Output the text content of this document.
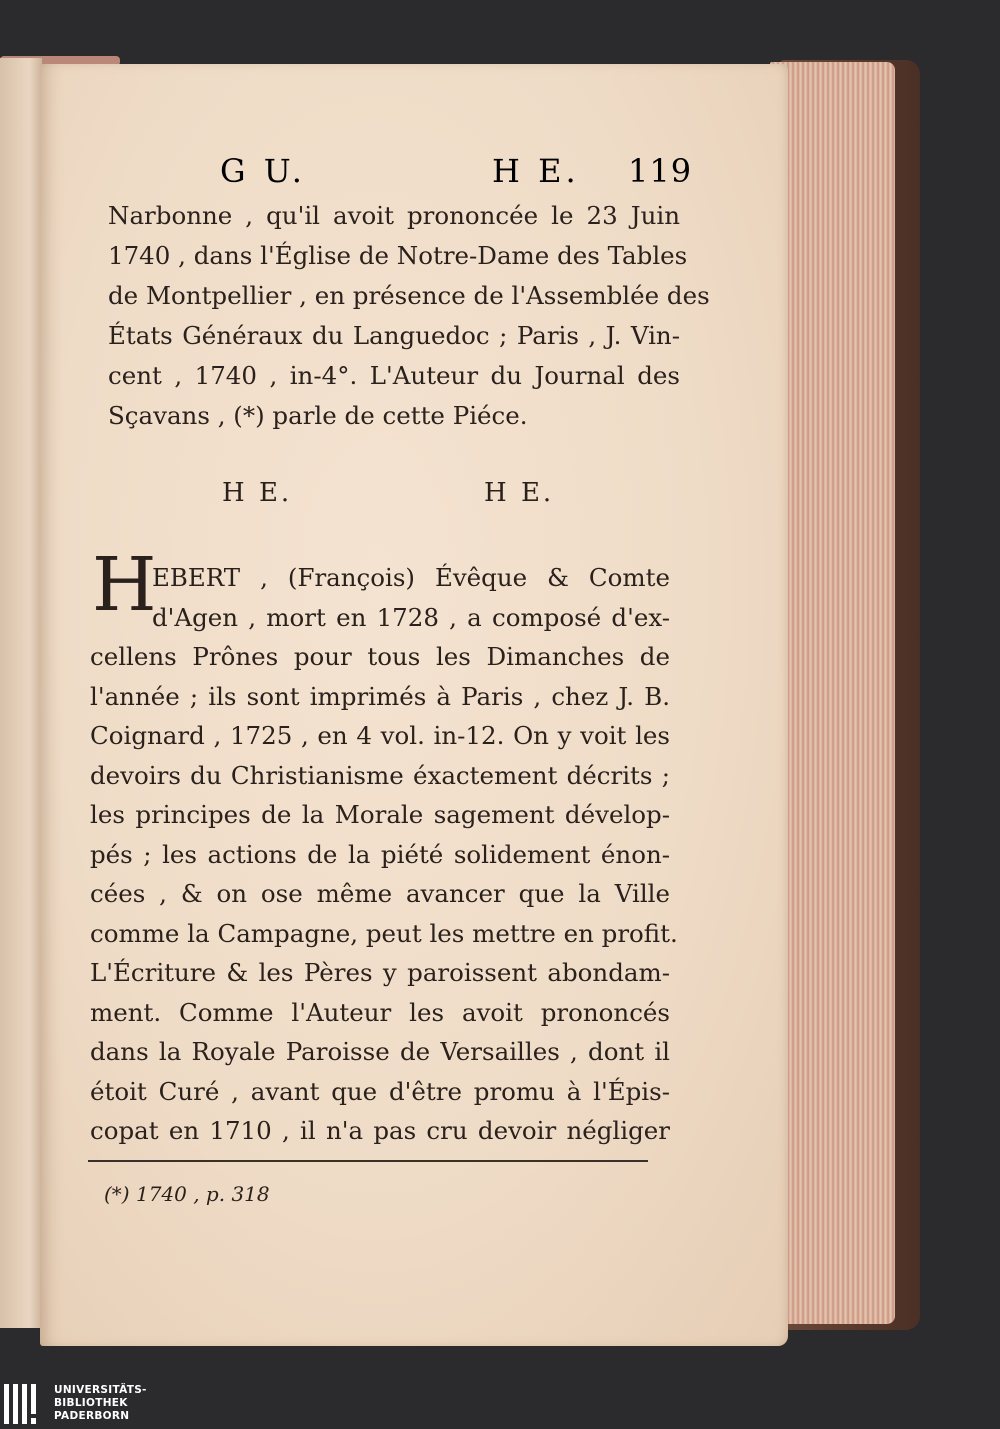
G U.	H E. 119
Narbonne , qu'il avoit prononcée le 23 Juin
1740 , dans l'Église de Notre-Dame des Tables
de Montpellier , en présence de l'Assemblée des
États Généraux du Languedoc ; Paris , J. Vin-
cent , 1740 , in-4°. L'Auteur du Journal des
Sçavans , (*) parle de cette Piéce.
H E.	H E.
H
EBERT , (François) Évêque & Comte
d'Agen , mort en 1728 , a composé d'ex-
cellens Prônes pour tous les Dimanches de
l'année ; ils sont imprimés à Paris , chez J. B.
Coignard , 1725 , en 4 vol. in-12. On y voit les
devoirs du Christianisme éxactement décrits ;
les principes de la Morale sagement dévelop-
pés ; les actions de la piété solidement énon-
cées , & on ose même avancer que la Ville
comme la Campagne, peut les mettre en profit.
L'Écriture & les Pères y paroissent abondam-
ment. Comme l'Auteur les avoit prononcés
dans la Royale Paroisse de Versailles , dont il
étoit Curé , avant que d'être promu à l'Épis-
copat en 1710 , il n'a pas cru devoir négliger
(*) 1740 , p. 318
UNIVERSITÄTS-
BIBLIOTHEK
PADERBORN
